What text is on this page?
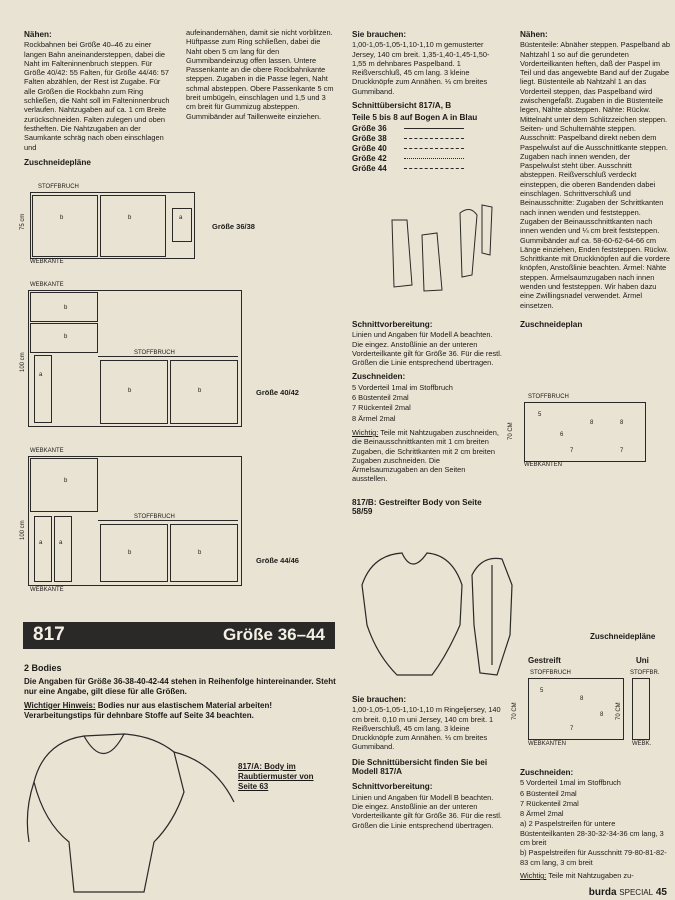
Nähen:
Rockbahnen bei Größe 40–46 zu einer langen Bahn aneinandersteppen, dabei die Naht im Falteninnenbruch steppen. Für Größe 40/42: 55 Falten, für Größe 44/46: 57 Falten abzählen, der Rest ist Zugabe. Für alle Größen die Rockbahn zum Ring schließen, die Naht soll im Falteninnenbruch verlaufen. Nahtzugaben auf ca. 1 cm Breite zurückschneiden. Falten zulegen und oben festheften. Die Nahtzugaben an der Saumkante schräg nach oben einschlagen und
Zuschneidepläne
STOFFBRUCH
b	b	a
75 cm
WEBKANTE
Größe 36/38
WEBKANTE
b
b
a
STOFFBRUCH
b	b
100 cm
Größe 40/42
WEBKANTE
b
a	a
STOFFBRUCH
b	b
100 cm
WEBKANTE
Größe 44/46
aufeinandernähen, damit sie nicht vorblitzen. Hüftpasse zum Ring schließen, dabei die Naht oben 5 cm lang für den Gummibandeinzug offen lassen. Untere Passenkante an die obere Rockbahnkante steppen. Zugaben in die Passe legen, Naht schmal absteppen. Obere Passenkante 5 cm breit umbügeln, einschlagen und 1,5 und 3 cm breit für Gummizug absteppen. Gummibänder auf Taillenweite einziehen.
817	Größe 36–44
2 Bodies
Die Angaben für Größe 36-38-40-42-44 stehen in Reihenfolge hintereinander. Steht nur eine Angabe, gilt diese für alle Größen.
Wichtiger Hinweis: Bodies nur aus elastischem Material arbeiten! Verarbeitungstips für dehnbare Stoffe auf Seite 34 beachten.
817/A: Body im Raubtiermuster von Seite 63
Sie brauchen:
1,00-1,05-1,05-1,10-1,10 m gemusterter Jersey, 140 cm breit. 1,35-1,40-1,45-1,50-1,55 m dehnbares Paspelband. 1 Reißverschluß, 45 cm lang. 3 kleine Druckknöpfe zum Annähen. ⅓ cm breites Gummiband.
Schnittübersicht 817/A, B
Teile 5 bis 8 auf Bogen A in Blau
Größe 36
Größe 38
Größe 40
Größe 42
Größe 44
Schnittvorbereitung:
Linien und Angaben für Modell A beachten. Die eingez. Anstoßlinie an der unteren Vorderteilkante gilt für Größe 36. Für die restl. Größen die Linie entsprechend übertragen.
Zuschneiden:
5 Vorderteil 1mal im Stoffbruch
6 Büstenteil 2mal
7 Rückenteil 2mal
8 Ärmel 2mal
Wichtig: Teile mit Nahtzugaben zuschneiden, die Beinausschnittkanten mit 1 cm breiten Zugaben, die Schrittkanten mit 2 cm breiten Zugaben zuschneiden. Die Ärmelsaumzugaben an den Seiten ausstellen.
817/B: Gestreifter Body von Seite 58/59
Sie brauchen:
1,00-1,05-1,05-1,10-1,10 m Ringeljersey, 140 cm breit. 0,10 m uni Jersey, 140 cm breit. 1 Reißverschluß, 45 cm lang. 3 kleine Druckknöpfe zum Annähen. ⅓ cm breites Gummiband.
Die Schnittübersicht finden Sie bei Modell 817/A
Schnittvorbereitung:
Linien und Angaben für Modell B beachten. Die eingez. Anstoßlinie an der unteren Vorderteilkante gilt für Größe 36. Für die restl. Größen die Linie entsprechend übertragen.
Nähen:
Büstenteile: Abnäher steppen. Paspelband ab Nahtzahl 1 so auf die gerundeten Vorderteilkanten heften, daß der Paspel im Teil und das angewebte Band auf der Zugabe liegt. Büstenteile ab Nahtzahl 1 an das Vorderteil steppen, das Paspelband wird zwischengefaßt. Zugaben in die Büstenteile legen, Nähte absteppen. Nähte: Rückw. Mittelnaht unter dem Schlitzzeichen steppen. Seiten- und Schulternähte steppen. Ausschnitt: Paspelband direkt neben dem Paspelwulst auf die Ausschnittkante steppen. Zugaben nach innen wenden, der Paspelwulst steht über. Ausschnitt absteppen. Reißverschluß verdeckt einsteppen, die oberen Bandenden dabei einschlagen. Schrittverschluß und Beinausschnitte: Zugaben der Schrittkanten nach innen wenden und feststeppen. Zugaben der Beinausschnittkanten nach innen wenden und ¼ cm breit feststeppen. Gummibänder auf ca. 58-60-62-64-66 cm Länge einziehen, Enden feststeppen. Rückw. Schrittkante mit Druckknöpfen auf die vordere knöpfen, Anstoßlinie beachten. Ärmel: Nähte steppen. Ärmelsaumzugaben nach innen wenden und feststeppen. Wir haben dazu eine Zwillingsnadel verwendet. Ärmel einsetzen.
Zuschneideplan
STOFFBRUCH
70 CM
5
6
8	8
7	7
WEBKANTEN
Zuschneidepläne
Gestreift	Uni
STOFFBRUCH
70 CM
5
8
8
7
WEBKANTEN
STOFFBR.
70 CM
WEBK.
Zuschneiden:
5 Vorderteil 1mal im Stoffbruch
6 Büstenteil 2mal
7 Rückenteil 2mal
8 Ärmel 2mal
a) 2 Paspelstreifen für untere Büstenteilkanten 28-30-32-34-36 cm lang, 3 cm breit
b) Paspelstreifen für Ausschnitt 79-80-81-82-83 cm lang, 3 cm breit
Wichtig: Teile mit Nahtzugaben zu-
burda SPECIAL 45
